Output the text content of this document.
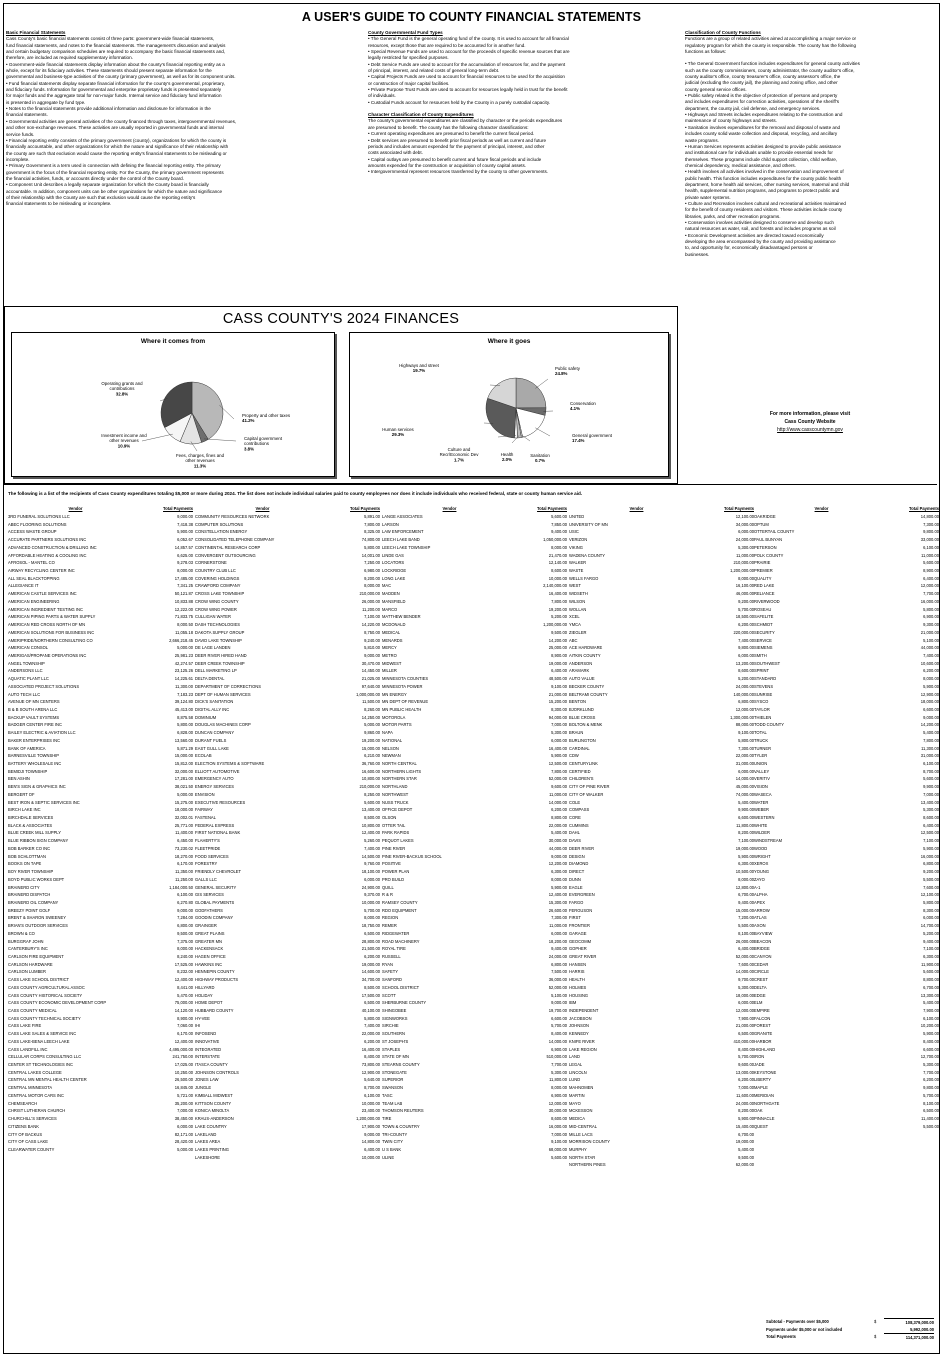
A USER'S GUIDE TO COUNTY FINANCIAL STATEMENTS

Basic Financial Statements

Cass County's basic financial statements consist of three parts: government-wide financial statements,

fund financial statements, and notes to the financial statements. The management's discussion and analysis

and certain budgetary comparison schedules are required to accompany the basic financial statements and,

therefore, are included as required supplementary information.

• Government-wide financial statements display information about the county's financial reporting entity as a

whole, except for its fiduciary activities. These statements should present separate information for the

governmental and business-type activities of the county (primary government), as well as for its component units.

• Fund financial statements display separate financial information for the county's governmental, proprietary,

and fiduciary funds. Information for governmental and enterprise proprietary funds is presented separately

for major funds and the aggregate total for non-major funds. Internal service and fiduciary fund information

is presented in aggregate by fund type.

• Notes to the financial statements provide additional information and disclosure for information in the

financial statements.

• Governmental activities are general activities of the county financed through taxes, intergovernmental revenues,

and other non-exchange revenues. These activities are usually reported in governmental funds and internal

service funds.

• Financial reporting entity consists of the primary government (county), organizations for which the county is

financially accountable, and other organizations for which the nature and significance of their relationship with

the county are such that exclusion would cause the reporting entity's financial statements to be misleading or

incomplete.

• Primary Government is a term used in connection with defining the financial reporting entity. The primary

government is the focus of the financial reporting entity. For the County, the primary government represents

the financial activities, funds, or accounts directly under the control of the County board.

• Component Unit describes a legally separate organization for which the County board is financially

accountable. In addition, component units can be other organizations for which the nature and significance

of their relationship with the County are such that exclusion would cause the reporting entity's

financial statements to be misleading or incomplete.

County Governmental Fund Types

• The General Fund is the general operating fund of the county. It is used to account for all financial

resources, except those that are required to be accounted for in another fund.

• Special Revenue Funds are used to account for the proceeds of specific revenue sources that are

legally restricted for specified purposes.

• Debt Service Funds are used to account for the accumulation of resources for, and the payment

of principal, interest, and related costs of general long-term debt.

• Capital Projects Funds are used to account for financial resources to be used for the acquisition

or construction of major capital facilities.

• Private Purpose Trust Funds are used to account for resources legally held in trust for the benefit

of individuals.

• Custodial Funds account for resources held by the County in a purely custodial capacity.

Character Classification of County Expenditures

The county's governmental expenditures are classified by character or the periods expenditures

are presumed to benefit. The county has the following character classifications:

• Current operating expenditures are presumed to benefit the current fiscal period.

• Debt services are presumed to benefit prior fiscal periods as well as current and future

periods and includes amount expended for the payment of principal, interest, and other

costs associated with debt.

• Capital outlays are presumed to benefit current and future fiscal periods and include

amounts expended for the construction or acquisition of county capital assets.

• Intergovernmental represent resources transferred by the county to other governments.

Classification of County Functions

Functions are a group of related activities aimed at accomplishing a major service or

regulatory program for which the county is responsible. The county has the following

functions as follows:

• The General Government function includes expenditures for general county activities

such as the county commissioners, county administrator, the county auditor's office,

county auditor's office, county treasurer's office, county assessor's office, the

judicial (excluding the county jail), the planning and zoning office, and other

county general service offices.

• Public safety related is the objective of protection of persons and property

and includes expenditures for correction activities, operations of the sheriff's

department, the county jail, civil defense, and emergency services.

• Highways and Streets includes expenditures relating to the construction and

maintenance of county highways and streets.

• Sanitation involves expenditures for the removal and disposal of waste and

includes county solid waste collection and disposal, recycling, and ancillary

waste programs.

• Human Services represents activities designed to provide public assistance

and institutional care for individuals unable to provide essential needs for

themselves. These programs include child support collection, child welfare,

chemical dependency, medical assistance, and others.

• Health involves all activities involved in the conservation and improvement of

public health. This function includes expenditures for the county public health

department, home health aid services, other nursing services, maternal and child

health, supplemental nutrition programs, and programs to protect public and

private water systems.

• Culture and Recreation involves cultural and recreational activities maintained

for the benefit of county residents and visitors. These activities include county

libraries, parks, and other recreation programs.

• Conservation involves activities designed to conserve and develop such

natural resources as water, soil, and forests and includes programs as soil

• Economic Development activities are directed toward economically

developing the area encompassed by the county and providing assistance

to, and opportunity for, economically disadvantaged persons or

businesses.

CASS COUNTY'S 2024 FINANCES
Where it comes from
Property and other taxes
41.2%
Capital government
contributions
3.8%
Fees, charges, fines and
other revenues
11.3%
Investment income and
other revenues
10.9%
Operating grants and
contributions
32.8%
Where it goes
Public safety
24.8%
Conservation
4.1%
General government
17.4%
Sanitation
0.7%
Health
2.0%
Culture and
Recr/Economic Dev
1.7%
Human services
29.3%
Highways and street
19.7%
For more information, please visit
Cass County Website
http://www.casscountymn.gov
The following is a list of the recipients of Cass County expenditures totaling $5,000 or more during 2024. The list does not include individual salaries paid to county employees nor does it include individuals who received federal, state or county human service aid.
Vendor	Total Payments
3RD FUNERAL SOLUTIONS LLC	9,000.00
ABEC FLOORING SOLUTIONS	7,418.38
ACCESS WASTE GROUP	5,900.00
ACCURATE PARTNERS SOLUTIONS INC	6,052.67
ADVANCED CONSTRUCTION & DRILLING INC	14,857.57
AFFORDABLE HEATING & COOLING INC	6,625.00
AFROSOL - MANTEL CO	9,278.03
AIRWAY RECYCLING CENTER INC	8,000.00
ALL SEAL BLACKTOPPING	17,485.00
ALLEGIANCE IT	7,341.25
AMERICAN CASTLE SERVICES INC	50,121.87
AMERICAN ENGINEERING	10,833.88
AMERICAN INGREDIENT TESTING INC	12,222.00
AMERICAN PIPING PARTS & WATER SUPPLY	71,833.75
AMERICAN RED CROSS NORTH OF MN	8,000.50
AMERICAN SOLUTIONS FOR BUSINESS INC	11,055.18
AMERIPRIDE/NORTHERN CONSULTING CO	2,666,218.45
AMERICAN CONSOL	5,000.00
AMERIGAS/PROPANE OPERATIONS INC	25,981.23
ANGEL TOWNSHIP	42,274.57
ANDERSONS LLC	23,125.26
AQUATIC PLANT LLC	14,225.61
ASSOCIATED PROJECT SOLUTIONS	11,300.00
AUTO TECH LLC	7,183.23
AVENUE OF MN CENTERS	39,124.80
B & B SOUTH ARENA LLC	45,413.00
BACKUP VAULT SYSTEMS	8,875.58
BADGER CENTER FIRE INC	5,800.00
BAILEY ELECTRIC & AVIATION LLC	6,828.00
BAKER ENTERPRISES INC	13,560.00
BANK OF AMERICA	5,871.29
BARNESVILLE TOWNSHIP	15,000.00
BATTERY WHOLESALE INC	15,812.00
BEMIDJI TOWNSHIP	32,000.00
BEN ASHIN	17,281.00
BEN'S SIGN & GRAPHICS INC	38,021.50
BERGERT OF	5,000.00
BEST IRON & SEPTIC SERVICES INC	15,275.00
BIRCH LAKE INC	18,000.00
BIRCHDALE SERVICES	32,002.01
BLACK & ASSOCIATES	25,771.00
BLUE CREEK MILL SUPPLY	11,400.00
BLUE RIBBON SIGN COMPANY	6,450.00
BOB BARKER CO INC	73,230.02
BOB SCHLOTTMAN	18,270.00
BOOKS ON TAPE	6,170.00
BOY RIVER TOWNSHIP	11,350.00
BOYD PUBLIC WORKS DEPT	11,250.00
BRAINERD CITY	1,184,000.50
BRAINERD DISPATCH	6,100.00
BRAINERD OIL COMPANY	6,270.80
BREEZY POINT GOLF	9,000.00
BRENT & SHARON SWEENEY	7,284.00
BRIAN'S OUTDOOR SERVICES	6,800.00
BROWN & CO	9,500.00
BURGGRAF JOHN	7,375.00
CANTERBURY'S INC	8,000.00
CARLSON FIRE EQUIPMENT	8,240.00
CARLSON HARDWARE	17,525.00
CARLSON LUMBER	8,232.00
CASS LAKE SCHOOL DISTRICT	12,400.00
CASS COUNTY AGRICULTURAL ASSOC	8,441.00
CASS COUNTY HISTORICAL SOCIETY	5,470.00
CASS COUNTY ECONOMIC DEVELOPMENT CORP	75,000.00
CASS COUNTY MEDICAL	14,120.00
CASS COUNTY TECHNICAL SOCIETY	8,900.00
CASS LAKE FIRE	7,060.00
CASS LAKE SALES & SERVICE INC	6,170.00
CASS LAKE-BENA LEECH LAKE	12,400.00
CASS LANDFILL INC	4,495,000.00
CELLULAR CORPS CONSULTING LLC	241,750.00
CENTER ST TECHNOLOGIES INC	17,025.00
CENTRAL LAKES COLLEGE	10,250.00
CENTRAL MN MENTAL HEALTH CENTER	26,500.00
CENTRAL MINNESOTA	16,845.00
CENTRAL MOTOR CARS INC	5,721.00
CHEMSEARCH	35,200.00
CHRIST LUTHERAN CHURCH	7,000.00
CHURCHILL'S SERVICES	38,450.00
CITIZENS BANK	6,000.00
CITY OF BACKUS	82,171.00
CITY OF CASS LAKE	28,420.00
CLEARWATER COUNTY	5,000.00
Vendor	Total Payments
COMMUNITY RESOURCES NETWORK	5,891.00
COMPUTER SOLUTIONS	7,800.00
CONSTELLATION ENERGY	8,325.00
CONSOLIDATED TELEPHONE COMPANY	74,800.00
CONTINENTAL RESEARCH CORP	5,800.00
CONVERGENT OUTSOURCING	14,001.00
CORNERSTONE	7,250.00
COUNTRY CLUB LLC	6,980.00
COVERING HOLDINGS	9,200.00
CRAWFORD COMPANY	8,000.00
CROSS LAKE TOWNSHIP	210,000.00
CROW WING COUNTY	26,000.00
CROW WING POWER	11,200.00
CULLIGAN WATER	7,100.00
DASH TECHNOLOGIES	14,220.00
DAKOTA SUPPLY GROUP	8,750.00
DAVID LAKE TOWNSHIP	9,240.00
DE LAGE LANDEN	5,810.00
DEER RIVER HIRED HAND	9,000.00
DEER CREEK TOWNSHIP	30,470.00
DELL MARKETING LP	14,450.00
DELTA DENTAL	21,025.00
DEPARTMENT OF CORRECTIONS	97,640.00
DEPT OF HUMAN SERVICES	1,000,000.00
DICK'S SANITATION	11,500.00
DIGITAL ALLY INC	8,260.00
DOMINIUM	14,250.00
DOUGLAS MACHINES CORP	5,000.00
DUNCAN COMPANY	9,860.00
DURANT FUELS	19,200.00
EAST GULL LAKE	15,000.00
ECOLAB	6,210.00
ELECTION SYSTEMS & SOFTWARE	36,760.00
ELLIOTT AUTOMOTIVE	16,600.00
EMERGENCY AUTO	10,800.00
ENERGY SERVICES	210,000.00
ENVISION	8,250.00
EXECUTIVE RESOURCES	5,600.00
FAIRWAY	13,400.00
FASTENAL	8,500.00
FEDERAL EXPRESS	10,800.00
FIRST NATIONAL BANK	12,400.00
FLAHERTY'S	5,260.00
FLEETPRIDE	7,400.00
FOOD SERVICES	14,500.00
FORESTRY	9,760.00
FRIENDLY CHEVROLET	18,100.00
GALLS LLC	6,000.00
GENERAL SECURITY	24,900.00
GIS SERVICES	9,370.00
GLOBAL PAYMENTS	10,000.00
GODFATHERS	5,700.00
GOODIN COMPANY	8,000.00
GRAINGER	18,750.00
GREAT PLAINS	6,500.00
GREATER MN	28,800.00
HACKENSACK	21,500.00
HAGEN OFFICE	6,200.00
HAWKINS INC	19,000.00
HENNEPIN COUNTY	14,600.00
HIGHWAY PRODUCTS	34,700.00
HILLYARD	8,500.00
HOLIDAY	17,500.00
HOME DEPOT	6,500.00
HUBBARD COUNTY	40,100.00
HY-VEE	5,800.00
IHI	7,400.00
INFOSEND	22,000.00
INNOVATIVE	6,200.00
INTEGRATED	16,400.00
INTERSTATE	8,400.00
ITASCA COUNTY	73,800.00
JOHNSON CONTROLS	12,900.00
JONES LAW	5,640.00
JUNGLE	8,700.00
KIMBALL MIDWEST	6,100.00
KITTSON COUNTY	10,000.00
KONICA MINOLTA	23,400.00
KRAUS-ANDERSON	1,200,000.00
LAKE COUNTRY	17,900.00
LAKELAND	9,000.00
LAKES AREA	14,800.00
LAKES PRINTING	6,400.00
LAKESHORE	10,000.00
Vendor	Total Payments
LANGE ASSOCIATES	5,600.00
LARSON	7,850.00
LAW ENFORCEMENT	9,400.00
LEECH LAKE BAND	1,050,000.00
LEECH LAKE TOWNSHIP	8,000.00
LINDE GAS	21,470.00
LOCATORS	12,140.00
LOCKRIDGE	8,600.00
LONG LAKE	10,000.00
MAC	2,140,000.00
MADDEN	16,400.00
MANSFIELD	7,800.00
MARCO	19,200.00
MATTHEW BENDER	5,200.00
MCDONALD	1,200,000.00
MEDICAL	9,500.00
MENARDS	14,200.00
MERCY	25,000.00
METRO	8,900.00
MIDWEST	19,000.00
MILLER	6,400.00
MINNESOTA COUNTIES	48,500.00
MINNESOTA POWER	9,100.00
MN ENERGY	21,000.00
MN DEPT OF REVENUE	15,200.00
MN PUBLIC HEALTH	8,300.00
MOTOROLA	94,000.00
MOTOR PARTS	7,000.00
NAPA	5,300.00
NATIONAL	6,000.00
NELSON	16,400.00
NEWMAN	5,900.00
NORTH CENTRAL	12,500.00
NORTHERN LIGHTS	7,800.00
NORTHERN STAR	52,000.00
NORTHLAND	9,600.00
NORTHWEST	11,000.00
NUSS TRUCK	14,000.00
OFFICE DEPOT	6,200.00
OLSON	8,800.00
OTTER TAIL	22,000.00
PARK RAPIDS	5,400.00
PEQUOT LAKES	30,000.00
PINE RIVER	44,000.00
PINE RIVER-BACKUS SCHOOL	9,000.00
POSITIVE	12,200.00
POWER PLAN	6,300.00
PRO BUILD	8,000.00
QUILL	5,900.00
R & R	12,400.00
RAMSEY COUNTY	15,300.00
RDO EQUIPMENT	26,600.00
REGION	7,300.00
REMER	11,000.00
RIDGEWATER	6,000.00
ROAD MACHINERY	18,200.00
ROYAL TIRE	9,400.00
RUSSELL	24,000.00
RYAN	6,800.00
SAFETY	7,500.00
SANFORD	36,000.00
SCHOOL DISTRICT	52,000.00
SCOTT	5,100.00
SHERBURNE COUNTY	9,000.00
SHINGOBEE	19,700.00
SIGNWORKS	6,600.00
SIRCHIE	5,700.00
SOUTHERN	8,400.00
ST JOSEPH'S	14,000.00
STAPLES	6,900.00
STATE OF MN	510,000.00
STEARNS COUNTY	7,700.00
STONEGATE	5,300.00
SUPERIOR	11,800.00
SWANSON	8,000.00
TASC	6,900.00
TEAM LAB	12,000.00
THOMSON REUTERS	30,000.00
TIRE	8,600.00
TOWN & COUNTRY	16,000.00
TRI-COUNTY	7,000.00
TWIN CITY	9,100.00
U S BANK	68,000.00
ULINE	5,600.00
Vendor	Total Payments
UNITED	12,100.00
UNIVERSITY OF MN	34,000.00
USIC	6,000.00
VERIZON	24,000.00
VIKING	5,300.00
WADENA COUNTY	11,000.00
WALKER	210,000.00
WASTE	1,200,000.00
WELLS FARGO	8,000.00
WEST	16,100.00
WIDSETH	46,000.00
WILSON	9,200.00
WOLLAN	5,700.00
XCEL	18,500.00
YMCA	6,200.00
ZIEGLER	220,000.00
ABC	7,400.00
ACE HARDWARE	9,800.00
AITKIN COUNTY	6,000.00
ANDERSON	13,200.00
ARAMARK	8,600.00
AUTO VALUE	5,200.00
BECKER COUNTY	24,000.00
BELTRAMI COUNTY	140,000.00
BENTON	6,800.00
BJORKLUND	12,000.00
BLUE CROSS	1,300,000.00
BOLTON & MENK	88,000.00
BRAUN	9,100.00
BURLINGTON	5,800.00
CARDINAL	7,300.00
CDW	22,000.00
CENTURYLINK	31,000.00
CERTIFIED	6,000.00
CHILDREN'S	14,000.00
CITY OF PINE RIVER	45,000.00
CITY OF WALKER	74,000.00
COLE	5,400.00
COMPASS	9,900.00
CORE	6,600.00
CUMMINS	11,800.00
DAHL	8,200.00
DAVIS	7,100.00
DEER RIVER	19,000.00
DESIGN	5,900.00
DIAMOND	6,300.00
DIRECT	10,500.00
DUNN	8,000.00
EAGLE	12,800.00
EVERGREEN	6,700.00
FARGO	9,400.00
FERGUSON	15,000.00
FIRST	7,200.00
FRONTIER	5,500.00
GARAGE	8,100.00
GEOCOMM	26,000.00
GOPHER	6,400.00
GREAT RIVER	52,000.00
HANSEN	7,600.00
HARRIS	14,000.00
HEALTH	9,700.00
HOLMES	5,300.00
HOUSING	18,000.00
IBM	6,000.00
INDEPENDENT	12,000.00
JACOBSON	7,900.00
JOHNSON	21,000.00
KENNEDY	6,500.00
KNIFE RIVER	410,000.00
LAKE REGION	8,400.00
LAND	5,700.00
LEGAL	9,600.00
LINCOLN	13,000.00
LUND	6,200.00
MAHNOMEN	7,000.00
MARTIN	11,600.00
MAYO	24,000.00
MCKESSON	8,200.00
MEDICA	5,900.00
MID-CENTRAL	15,400.00
MILLE LACS	6,700.00
MORRISON COUNTY	19,000.00
MURPHY	5,400.00
NORTH STAR	9,500.00
NORTHERN PINES	62,000.00
Vendor	Total Payments
OAKRIDGE	14,800.00
OPTUM	7,300.00
OTTERTAIL COUNTY	9,800.00
PAUL BUNYAN	33,000.00
PETERSON	6,100.00
POLK COUNTY	11,000.00
PRAIRIE	5,600.00
PREMIER	8,900.00
QUALITY	6,400.00
RED LAKE	12,000.00
RELIANCE	7,700.00
RIVERWOOD	16,000.00
ROSEAU	5,800.00
SAFELITE	6,900.00
SCHMIDT	9,300.00
SECURITY	21,000.00
SERVICE	5,100.00
SIEMENS	44,000.00
SMITH	7,400.00
SOUTHWEST	10,600.00
SPRINT	6,200.00
STANDARD	8,000.00
STEVENS	5,900.00
SUNRISE	12,900.00
SYSCO	18,000.00
TAYLOR	6,600.00
THIELEN	9,000.00
TODD COUNTY	14,200.00
TOTAL	5,400.00
TRUCK	7,800.00
TURNER	11,300.00
TYLER	31,000.00
UNION	6,100.00
VALLEY	8,700.00
VERITIV	5,600.00
VISION	9,900.00
WASECA	7,000.00
WATER	13,400.00
WEBER	5,300.00
WESTERN	8,600.00
WHITE	6,400.00
WILDER	12,500.00
WINDSTREAM	7,100.00
WOOD	5,900.00
WRIGHT	16,000.00
XEROX	6,800.00
YOUNG	9,200.00
ZAYO	5,500.00
A-1	7,600.00
ALPHA	12,100.00
APEX	5,800.00
ARROW	8,300.00
ATLAS	6,000.00
AXON	14,700.00
BAYVIEW	5,200.00
BEACON	9,400.00
BRIDGE	7,100.00
CANYON	6,300.00
CEDAR	11,900.00
CIRCLE	5,600.00
CREST	8,800.00
DELTA	6,700.00
EDGE	13,300.00
ELM	5,400.00
EMPIRE	7,900.00
FALCON	6,100.00
FOREST	10,200.00
GRANITE	5,900.00
HARBOR	8,400.00
HIGHLAND	6,600.00
IRON	12,700.00
JADE	5,300.00
KEYSTONE	7,700.00
LIBERTY	6,200.00
MAPLE	9,800.00
MERIDIAN	5,700.00
NORTHGATE	8,100.00
OAK	6,500.00
PINNACLE	11,400.00
QUEST	5,500.00
Subtotal - Payments over $5,000	$	108,379,000.00
Payments under $5,000 or not included	5,992,000.00
Total Payments	$	114,371,000.00
